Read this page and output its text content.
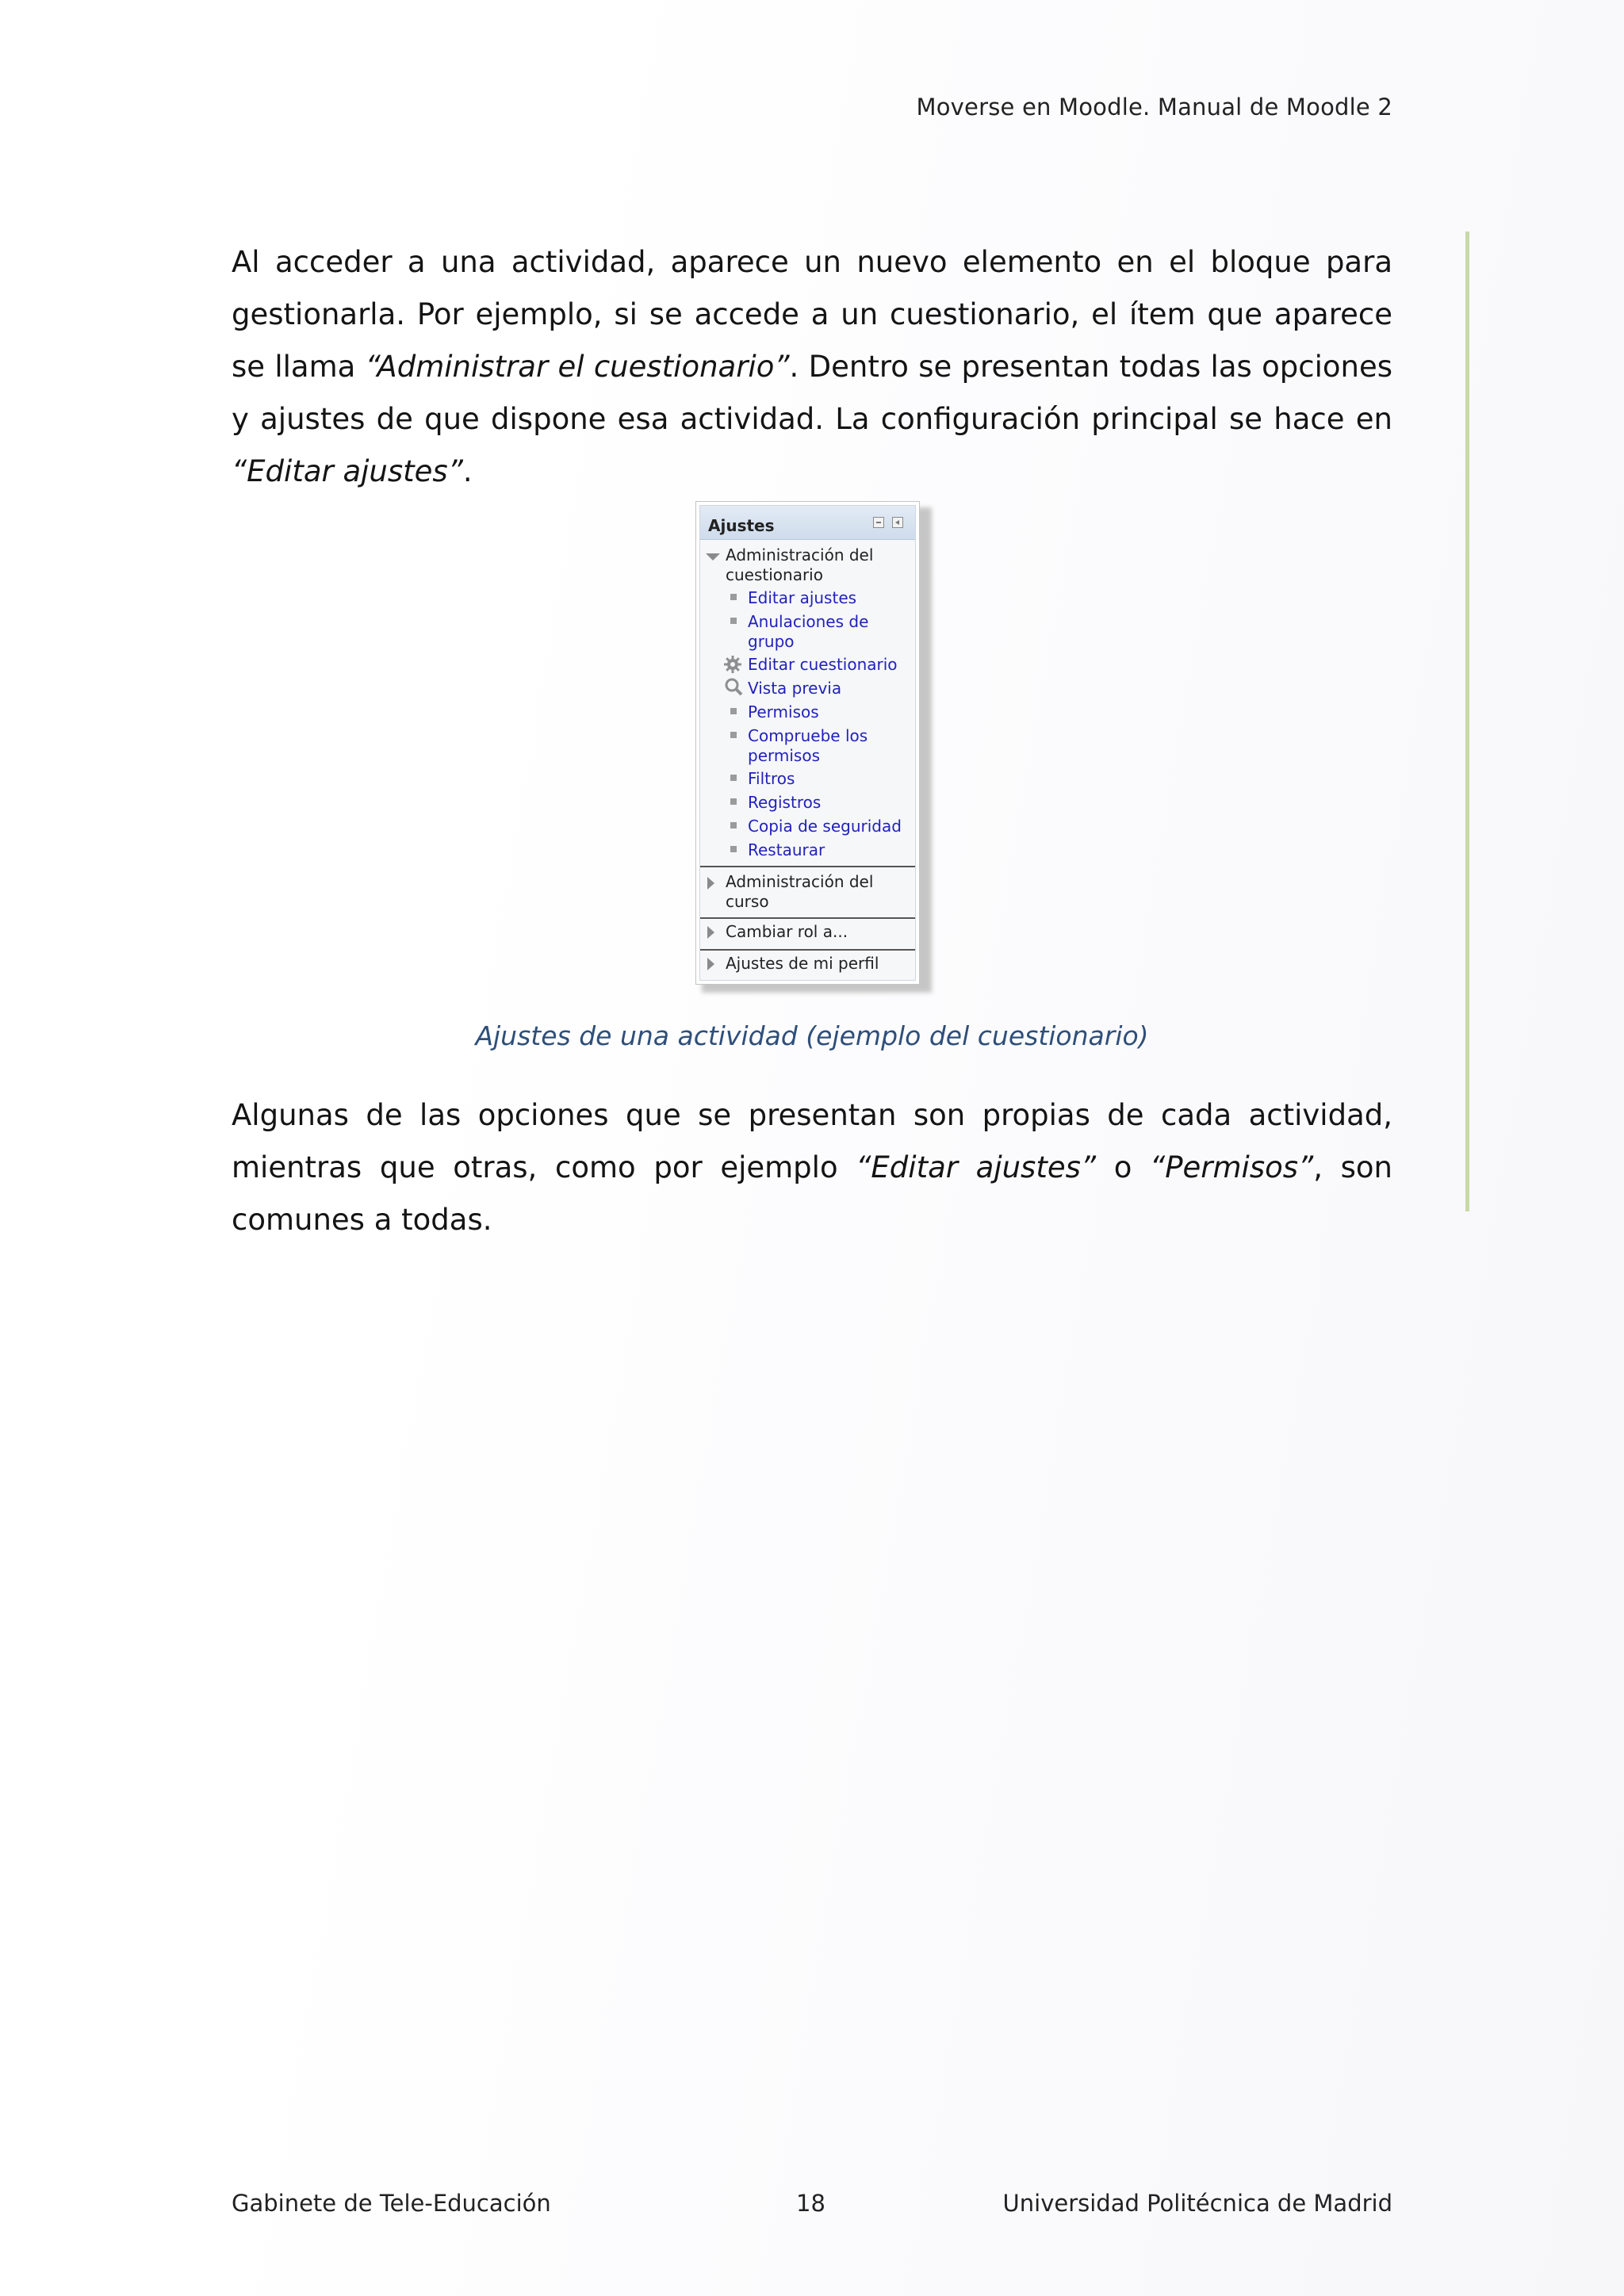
Moverse en Moodle. Manual de Moodle 2
Al acceder a una actividad, aparece un nuevo elemento en el bloque para gestionarla. Por ejemplo, si se accede a un cuestionario, el ítem que aparece se llama “Administrar el cuestionario”. Dentro se presentan todas las opciones y ajustes de que dispone esa actividad. La configuración principal se hace en “Editar ajustes”.
Ajustes
Administración del
cuestionario
Editar ajustes
Anulaciones de
grupo
Editar cuestionario
Vista previa
Permisos
Compruebe los
permisos
Filtros
Registros
Copia de seguridad
Restaurar
Administración del
curso
Cambiar rol a...
Ajustes de mi perfil
Ajustes de una actividad (ejemplo del cuestionario)
Algunas de las opciones que se presentan son propias de cada actividad, mientras que otras, como por ejemplo “Editar ajustes” o “Permisos”, son comunes a todas.
Gabinete de Tele-Educación	18	Universidad Politécnica de Madrid
